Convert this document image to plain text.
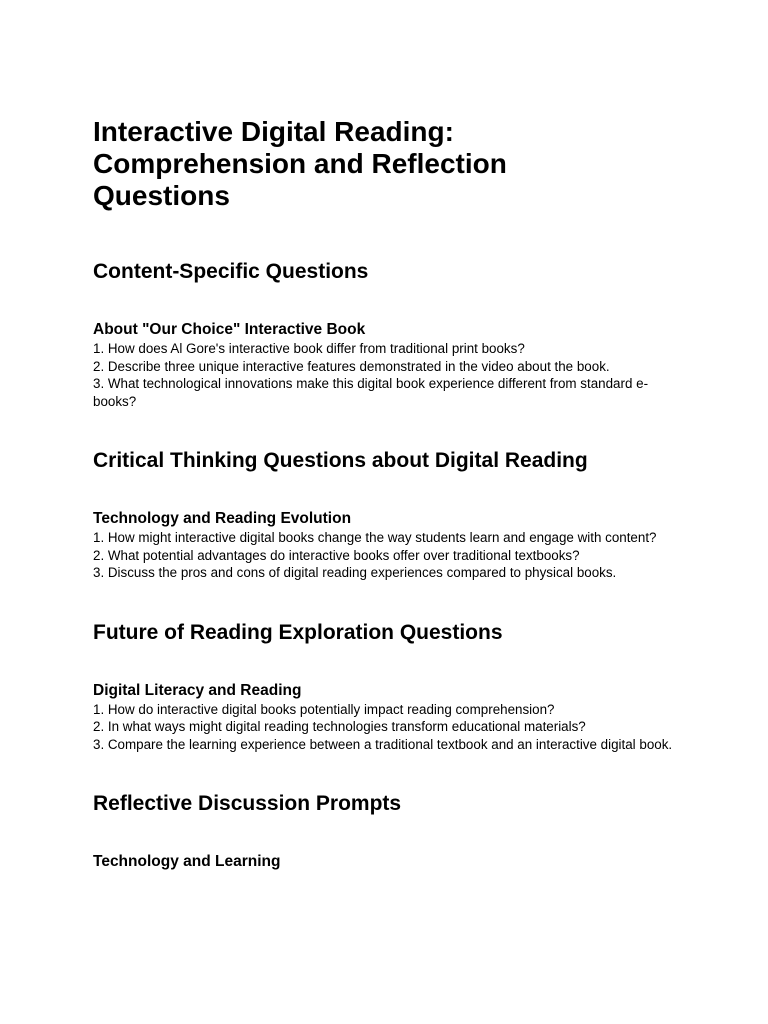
Interactive Digital Reading:
Comprehension and Reflection
Questions
Content-Specific Questions
About "Our Choice" Interactive Book
1. How does Al Gore's interactive book differ from traditional print books?
2. Describe three unique interactive features demonstrated in the video about the book.
3. What technological innovations make this digital book experience different from standard e-books?
Critical Thinking Questions about Digital Reading
Technology and Reading Evolution
1. How might interactive digital books change the way students learn and engage with content?
2. What potential advantages do interactive books offer over traditional textbooks?
3. Discuss the pros and cons of digital reading experiences compared to physical books.
Future of Reading Exploration Questions
Digital Literacy and Reading
1. How do interactive digital books potentially impact reading comprehension?
2. In what ways might digital reading technologies transform educational materials?
3. Compare the learning experience between a traditional textbook and an interactive digital book.
Reflective Discussion Prompts
Technology and Learning
